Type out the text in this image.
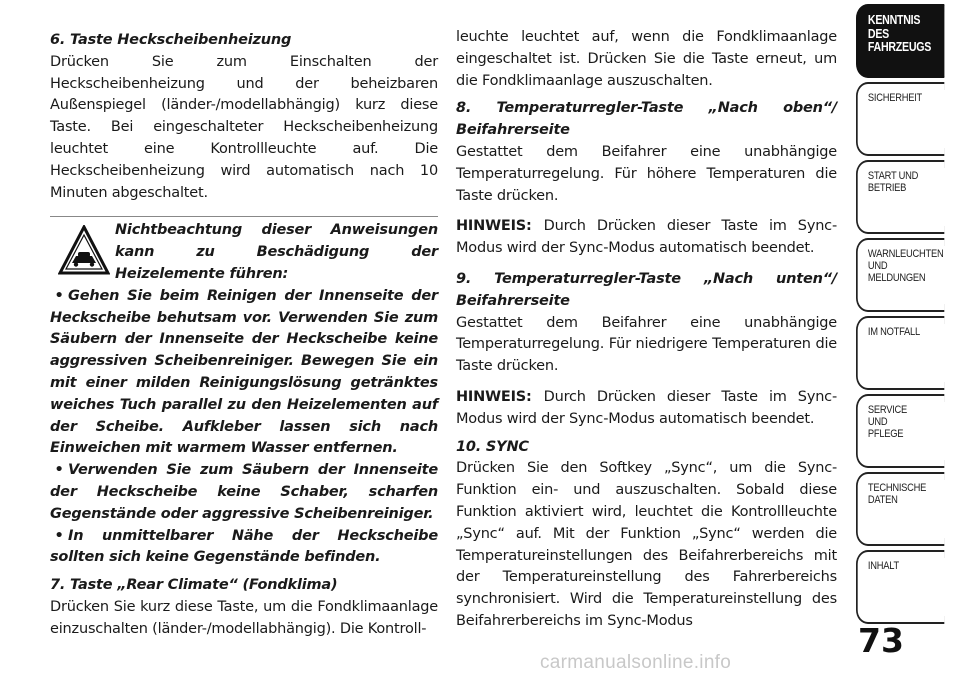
6. Taste Heckscheibenheizung

Drücken Sie zum Einschalten der Heckscheibenheizung und der beheizbaren Außenspiegel (länder-/modellabhängig) kurz diese Taste. Bei eingeschalteter Heckscheibenheizung leuchtet eine Kontrollleuchte auf. Die Heckscheibenheizung wird automatisch nach 10 Minuten abgeschaltet.

Nichtbeachtung dieser Anweisungen kann zu Beschädigung der Heizelemente führen:
• Gehen Sie beim Reinigen der Innenseite der Heckscheibe behutsam vor. Verwenden Sie zum Säubern der Innenseite der Heckscheibe keine aggressiven Scheibenreiniger. Bewegen Sie ein mit einer milden Reinigungslösung getränktes weiches Tuch parallel zu den Heizelementen auf der Scheibe. Aufkleber lassen sich nach Einweichen mit warmem Wasser entfernen.
• Verwenden Sie zum Säubern der Innenseite der Heckscheibe keine Schaber, scharfen Gegenstände oder aggressive Scheibenreiniger.
• In unmittelbarer Nähe der Heckscheibe sollten sich keine Gegenstände befinden.
7. Taste „Rear Climate“ (Fondklima)

Drücken Sie kurz diese Taste, um die Fondklimaanlage einzuschalten (länder-/modellabhängig). Die Kontroll-

leuchte leuchtet auf, wenn die Fondklimaanlage eingeschaltet ist. Drücken Sie die Taste erneut, um die Fondklimaanlage auszuschalten.

8. Temperaturregler-Taste „Nach oben“/ Beifahrerseite

Gestattet dem Beifahrer eine unabhängige Temperaturregelung. Für höhere Temperaturen die Taste drücken.

HINWEIS: Durch Drücken dieser Taste im Sync-Modus wird der Sync-Modus automatisch beendet.

9. Temperaturregler-Taste „Nach unten“/ Beifahrerseite

Gestattet dem Beifahrer eine unabhängige Temperaturregelung. Für niedrigere Temperaturen die Taste drücken.

HINWEIS: Durch Drücken dieser Taste im Sync-Modus wird der Sync-Modus automatisch beendet.

10. SYNC

Drücken Sie den Softkey „Sync“, um die Sync-Funktion ein- und auszuschalten. Sobald diese Funktion aktiviert wird, leuchtet die Kontrollleuchte „Sync“ auf. Mit der Funktion „Sync“ werden die Temperatureinstellungen des Beifahrerbereichs mit der Temperatureinstellung des Fahrerbereichs synchronisiert. Wird die Temperatureinstellung des Beifahrerbereichs im Sync-Modus

KENNTNIS
DES
FAHRZEUGS
SICHERHEIT
START UND
BETRIEB
WARNLEUCHTEN
UND
MELDUNGEN
IM NOTFALL
SERVICE
UND
PFLEGE
TECHNISCHE
DATEN
INHALT
73
carmanualsonline.info
